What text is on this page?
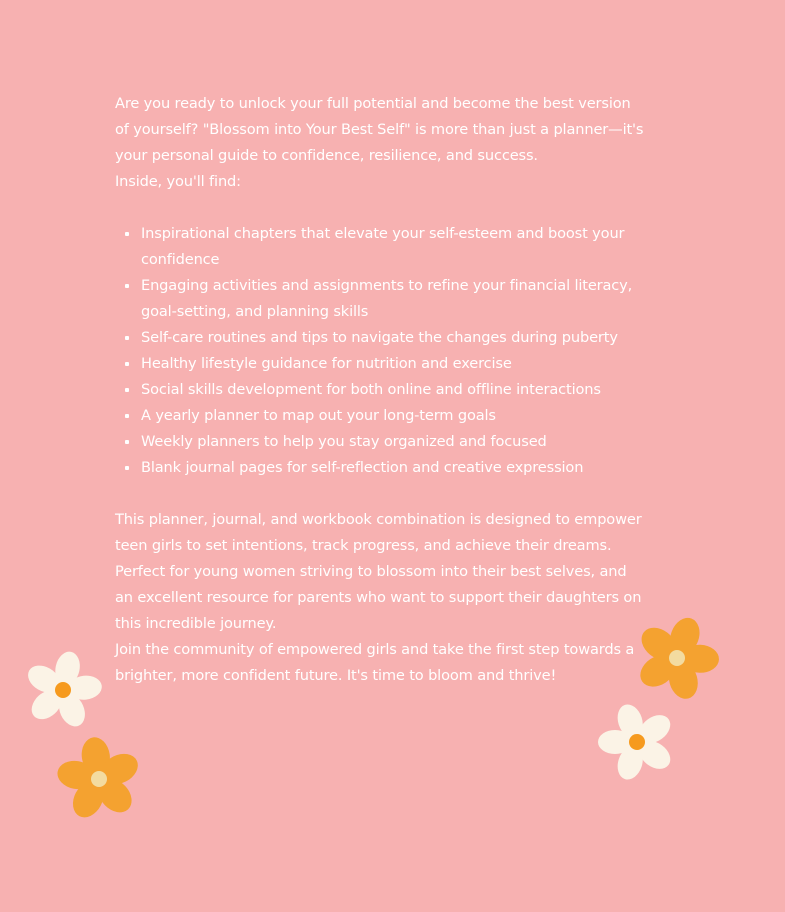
Are you ready to unlock your full potential and become the best version of yourself? "Blossom into Your Best Self" is more than just a planner—it's your personal guide to confidence, resilience, and success.

Inside, you'll find:

Inspirational chapters that elevate your self-esteem and boost your confidence
Engaging activities and assignments to refine your financial literacy, goal-setting, and planning skills
Self-care routines and tips to navigate the changes during puberty
Healthy lifestyle guidance for nutrition and exercise
Social skills development for both online and offline interactions
A yearly planner to map out your long-term goals
Weekly planners to help you stay organized and focused
Blank journal pages for self-reflection and creative expression

This planner, journal, and workbook combination is designed to empower teen girls to set intentions, track progress, and achieve their dreams. Perfect for young women striving to blossom into their best selves, and an excellent resource for parents who want to support their daughters on this incredible journey.

Join the community of empowered girls and take the first step towards a brighter, more confident future. It's time to bloom and thrive!
